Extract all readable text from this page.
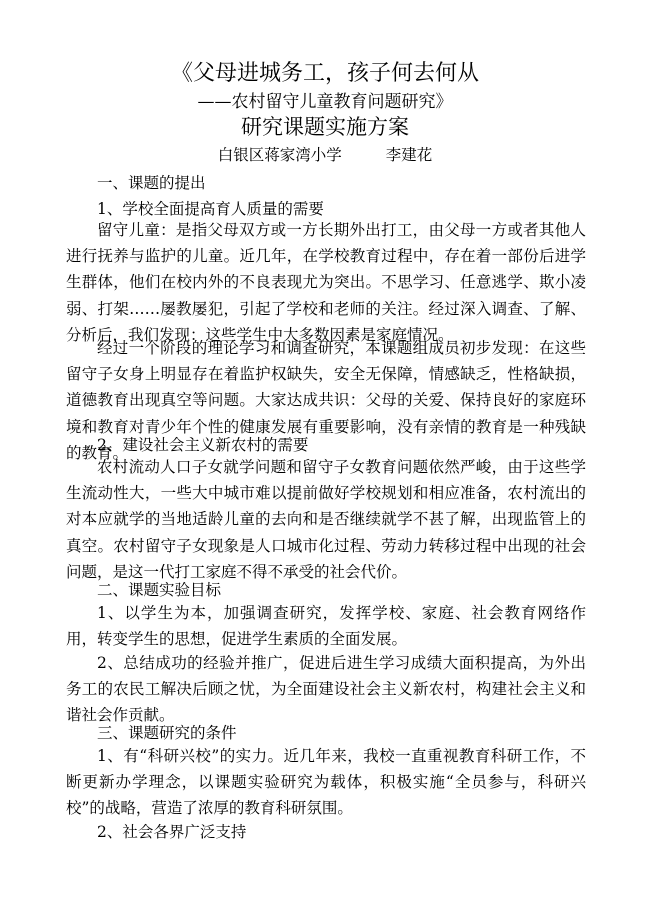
《父母进城务工，孩子何去何从
——农村留守儿童教育问题研究》
研究课题实施方案
白银区蒋家湾小学	李建花
一、课题的提出
1、学校全面提高育人质量的需要

留守儿童：是指父母双方或一方长期外出打工，由父母一方或者其他人进行抚养与监护的儿童。近几年，在学校教育过程中，存在着一部份后进学生群体，他们在校内外的不良表现尤为突出。不思学习、任意逃学、欺小凌弱、打架……屡教屡犯，引起了学校和老师的关注。经过深入调查、了解、分析后，我们发现：这些学生中大多数因素是家庭情况。

经过一个阶段的理论学习和调查研究，本课题组成员初步发现：在这些留守子女身上明显存在着监护权缺失，安全无保障，情感缺乏，性格缺损，道德教育出现真空等问题。大家达成共识：父母的关爱、保持良好的家庭环境和教育对青少年个性的健康发展有重要影响，没有亲情的教育是一种残缺的教育。

2、建设社会主义新农村的需要

农村流动人口子女就学问题和留守子女教育问题依然严峻，由于这些学生流动性大，一些大中城市难以提前做好学校规划和相应准备，农村流出的对本应就学的当地适龄儿童的去向和是否继续就学不甚了解，出现监管上的真空。农村留守子女现象是人口城市化过程、劳动力转移过程中出现的社会问题，是这一代打工家庭不得不承受的社会代价。

二、课题实验目标

1、以学生为本，加强调查研究，发挥学校、家庭、社会教育网络作用，转变学生的思想，促进学生素质的全面发展。

2、总结成功的经验并推广，促进后进生学习成绩大面积提高，为外出务工的农民工解决后顾之忧，为全面建设社会主义新农村，构建社会主义和谐社会作贡献。

三、课题研究的条件

1、有“科研兴校”的实力。近几年来，我校一直重视教育科研工作，不断更新办学理念，以课题实验研究为载体，积极实施“全员参与，科研兴校”的战略，营造了浓厚的教育科研氛围。

2、社会各界广泛支持
